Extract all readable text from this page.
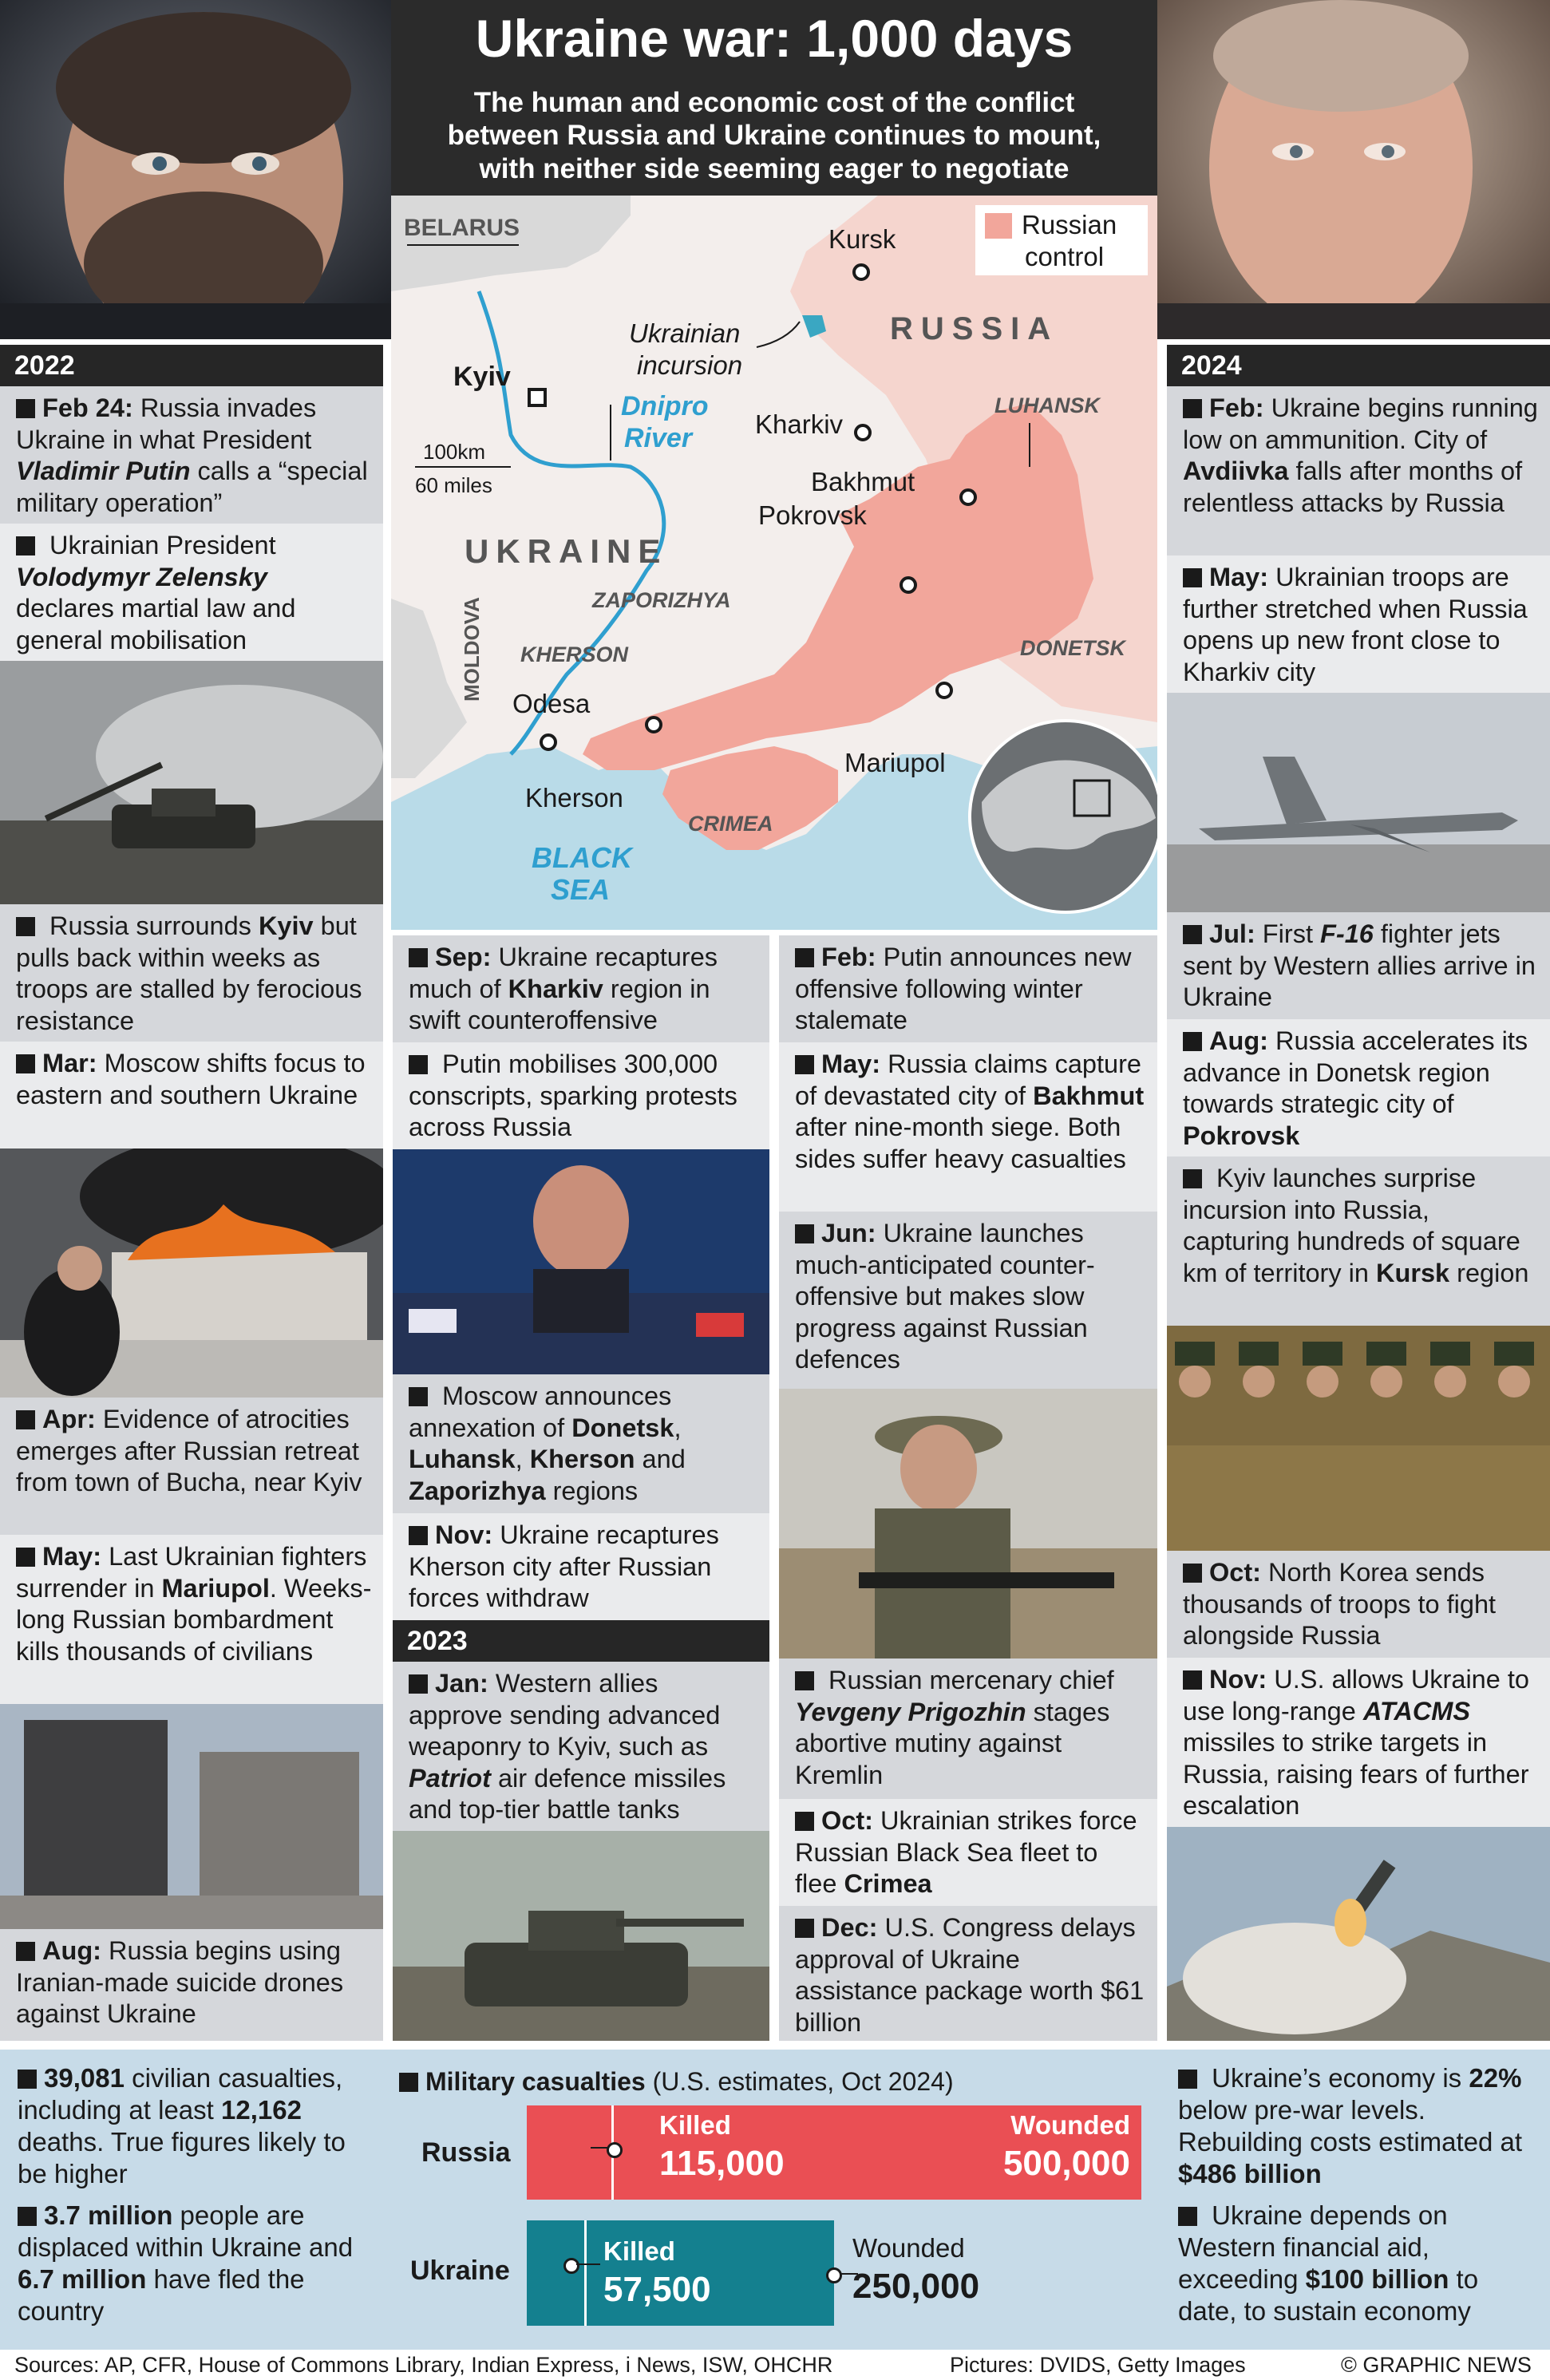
Ukraine war: 1,000 days
The human and economic cost of the conflict
between Russia and Ukraine continues to mount,
with neither side seeming eager to negotiate
BELARUS	Kursk
RUSSIA
Ukrainian
incursion
Kyiv
Dnipro
River Kharkiv
LUHANSK
100km
60 miles	Bakhmut
Pokrovsk
UKRAINE
ZAPORIZHYA
MOLDOVA KHERSON	DONETSK
Odesa
Mariupol
Kherson
CRIMEA
BLACK
SEA
Russian
control
2022
Feb 24: Russia invades Ukraine in what President Vladimir Putin calls a “special military operation”
Ukrainian President Volodymyr Zelensky declares martial law and general mobilisation
Russia surrounds Kyiv but pulls back within weeks as troops are stalled by ferocious resistance
Mar: Moscow shifts focus to eastern and southern Ukraine
Apr: Evidence of atrocities emerges after Russian retreat from town of Bucha, near Kyiv
May: Last Ukrainian fighters surrender in Mariupol. Weeks-long Russian bombardment kills thousands of civilians
Aug: Russia begins using Iranian-made suicide drones against Ukraine
Sep: Ukraine recaptures much of Kharkiv region in swift counteroffensive
Putin mobilises 300,000 conscripts, sparking protests across Russia
Moscow announces annexation of Donetsk, Luhansk, Kherson and Zaporizhya regions
Nov: Ukraine recaptures Kherson city after Russian forces withdraw
2023
Jan: Western allies approve sending advanced weaponry to Kyiv, such as Patriot air defence missiles and top-tier battle tanks
Feb: Putin announces new offensive following winter stalemate
May: Russia claims capture of devastated city of Bakhmut after nine-month siege. Both sides suffer heavy casualties
Jun: Ukraine launches much-anticipated counter-offensive but makes slow progress against Russian defences
Russian mercenary chief Yevgeny Prigozhin stages abortive mutiny against Kremlin
Oct: Ukrainian strikes force Russian Black Sea fleet to flee Crimea
Dec: U.S. Congress delays approval of Ukraine assistance package worth $61 billion
2024
Feb: Ukraine begins running low on ammunition. City of Avdiivka falls after months of relentless attacks by Russia
May: Ukrainian troops are further stretched when Russia opens up new front close to Kharkiv city
Jul: First F-16 fighter jets sent by Western allies arrive in Ukraine
Aug: Russia accelerates its advance in Donetsk region towards strategic city of Pokrovsk
Kyiv launches surprise incursion into Russia, capturing hundreds of square km of territory in Kursk region
Oct: North Korea sends thousands of troops to fight alongside Russia
Nov: U.S. allows Ukraine to use long-range ATACMS missiles to strike targets in Russia, raising fears of further escalation
39,081 civilian casualties, including at least 12,162 deaths. True figures likely to be higher
3.7 million people are displaced within Ukraine and 6.7 million have fled the country
Military casualties (U.S. estimates, Oct 2024)
Russia
Killed
115,000
Wounded
500,000
Ukraine
Killed
57,500
Wounded
250,000
Ukraine’s economy is 22% below pre-war levels. Rebuilding costs estimated at $486 billion
Ukraine depends on Western financial aid, exceeding $100 billion to date, to sustain economy
Sources: AP, CFR, House of Commons Library, Indian Express, i News, ISW, OHCHR	Pictures: DVIDS, Getty Images	© GRAPHIC NEWS
